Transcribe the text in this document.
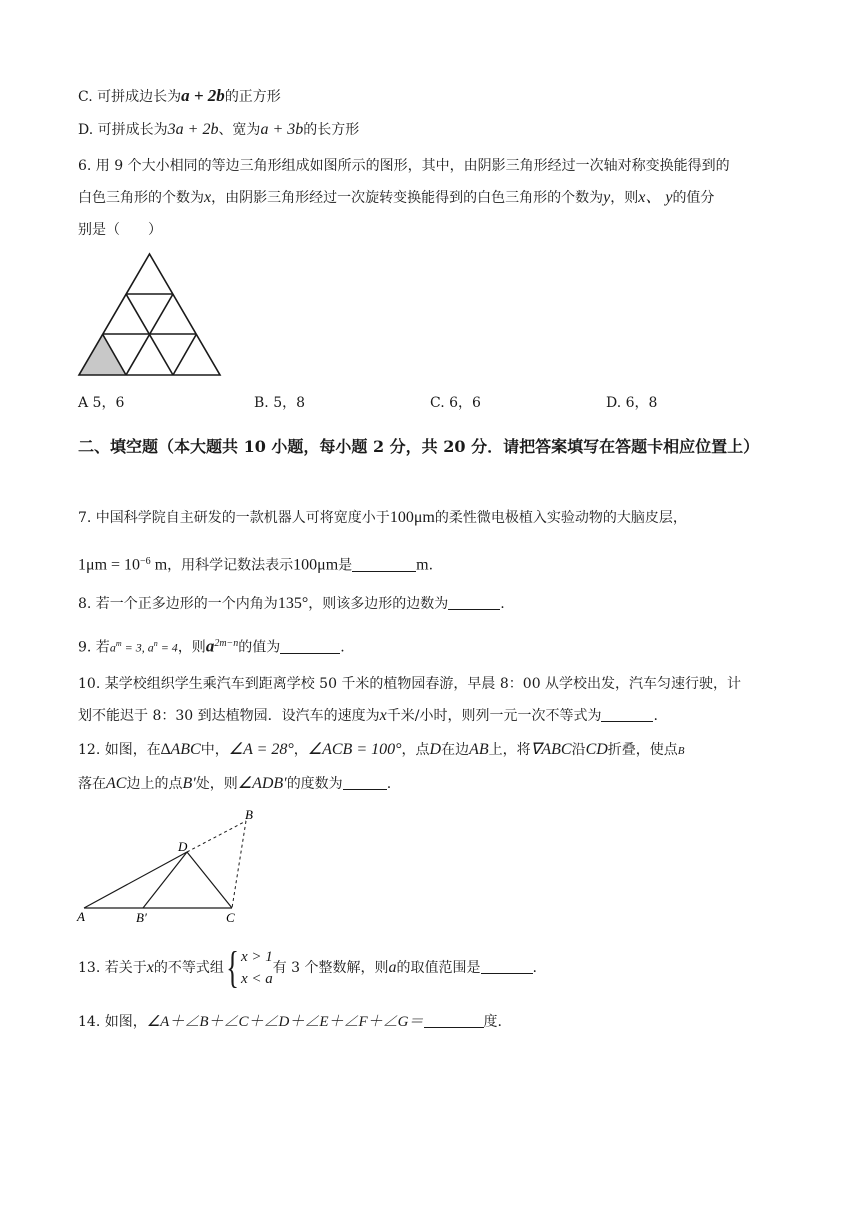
C. 可拼成边长为a + 2b的正方形
D. 可拼成长为3a + 2b、宽为a + 3b的长方形
6. 用 9 个大小相同的等边三角形组成如图所示的图形，其中，由阴影三角形经过一次轴对称变换能得到的
白色三角形的个数为x，由阴影三角形经过一次旋转变换能得到的白色三角形的个数为y，则x、 y的值分
别是（　　）
A 5，6	B. 5，8	C. 6，6	D. 6，8
二、填空题（本大题共 10 小题，每小题 2 分，共 20 分．请把答案填写在答题卡相应位置上）
7. 中国科学院自主研发的一款机器人可将宽度小于100μm的柔性微电极植入实验动物的大脑皮层，
$1\mu m = 10^{-6}$ m，用科学记数法表示100μm是	m.
8. 若一个正多边形的一个内角为135°，则该多边形的边数为	.
9. 若$a^m = 3$, $a^n = 4$，则$a^{2m-n}$的值为	.
10. 某学校组织学生乘汽车到距离学校 50 千米的植物园春游，早晨 8：00 从学校出发，汽车匀速行驶，计
划不能迟于 8：30 到达植物园．设汽车的速度为x千米/小时，则列一元一次不等式为	.
12. 如图，在∆ABC中，∠A = 28°，∠ACB = 100°，点D在边AB上，将∇ABC沿CD折叠，使点B
落在AC边上的点B′处，则∠ADB′的度数为	.
A	B′	C
D
B
13. 若关于x的不等式组{ x > 1
x < a
有 3 个整数解，则a的取值范围是	.
14. 如图，∠A＋∠B＋∠C＋∠D＋∠E＋∠F＋∠G＝	度.
